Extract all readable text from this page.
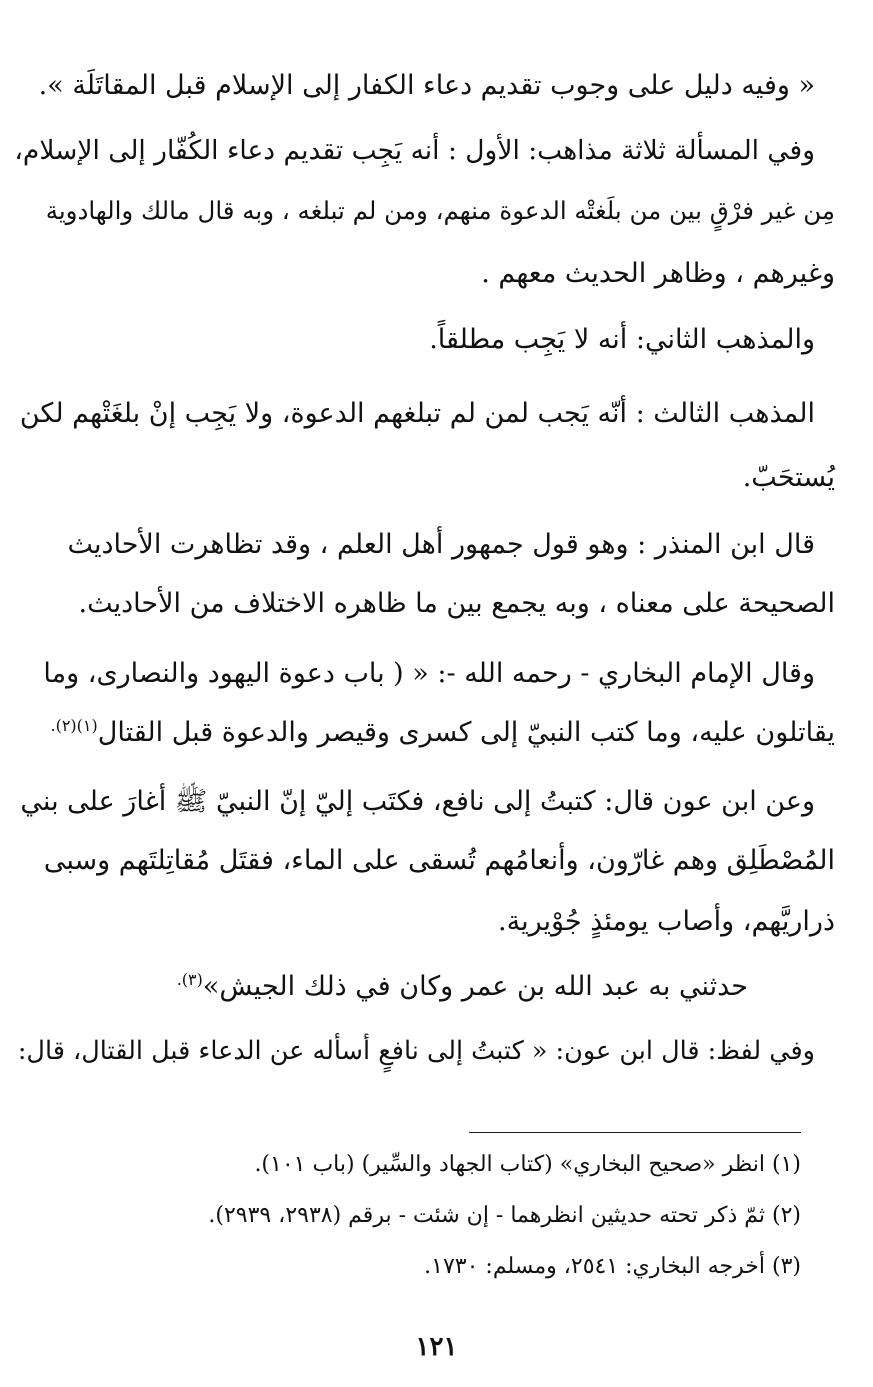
« وفيه دليل على وجوب تقديم دعاء الكفار إلى الإسلام قبل المقاتَلَة ».
وفي المسألة ثلاثة مذاهب: الأول : أنه يَجِب تقديم دعاء الكُفّار إلى الإسلام،
مِن غير فرْقٍ بين من بلَغتْه الدعوة منهم، ومن لم تبلغه ، وبه قال مالك والهادوية
وغيرهم ، وظاهر الحديث معهم .
والمذهب الثاني: أنه لا يَجِب مطلقاً.
المذهب الثالث : أنّه يَجب لمن لم تبلغهم الدعوة، ولا يَجِب إنْ بلغَتْهم لكن
يُستحَبّ.
قال ابن المنذر : وهو قول جمهور أهل العلم ، وقد تظاهرت الأحاديث
الصحيحة على معناه ، وبه يجمع بين ما ظاهره الاختلاف من الأحاديث.
وقال الإمام البخاري - رحمه الله -: « ( باب دعوة اليهود والنصارى، وما
يقاتلون عليه، وما كتب النبيّ إلى كسرى وقيصر والدعوة قبل القتال$^{(١)(٢).}$
وعن ابن عون قال: كتبتُ إلى نافع، فكتَب إليّ إنّ النبيّ ﷺ أغارَ على بني
المُصْطَلِق وهم غارّون، وأنعامُهم تُسقى على الماء، فقتَل مُقاتِلتَهم وسبى
ذراريَّهم، وأصاب يومئذٍ جُوْيرية.
حدثني به عبد الله بن عمر وكان في ذلك الجيش»$^{(٣).}$
وفي لفظ: قال ابن عون: « كتبتُ إلى نافعٍ أسأله عن الدعاء قبل القتال، قال:
(١) انظر «صحيح البخاري» (كتاب الجهاد والسِّير) (باب ١٠١).
(٢) ثمّ ذكر تحته حديثين انظرهما - إن شئت - برقم (٢٩٣٨، ٢٩٣٩).
(٣) أخرجه البخاري: ٢٥٤١، ومسلم: ١٧٣٠.
١٢١
